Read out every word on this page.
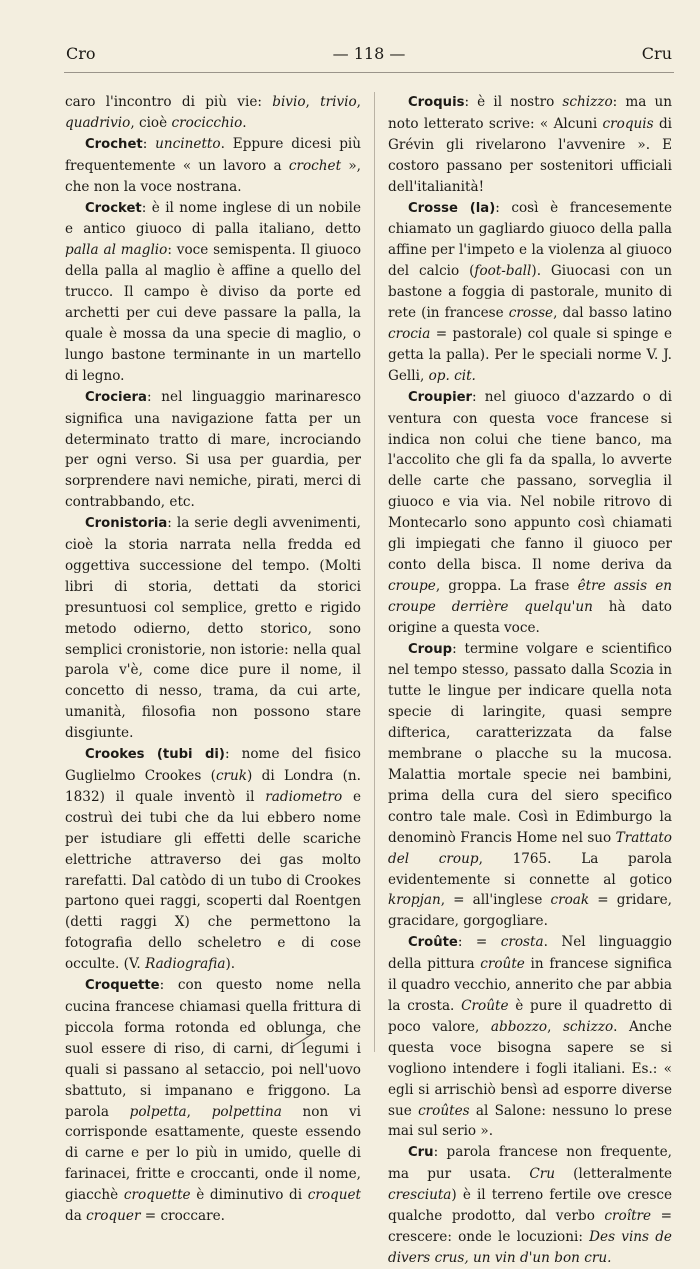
Cro	— 118 —	Cru

caro l'incontro di più vie: bivio, trivio, quadrivio, cioè crocicchio.

Crochet: uncinetto. Eppure dicesi più frequentemente « un lavoro a crochet », che non la voce nostrana.

Crocket: è il nome inglese di un nobile e antico giuoco di palla italiano, detto palla al maglio: voce semispenta. Il giuoco della palla al maglio è affine a quello del trucco. Il campo è diviso da porte ed archetti per cui deve passare la palla, la quale è mossa da una specie di maglio, o lungo bastone terminante in un martello di legno.

Crociera: nel linguaggio marinaresco significa una navigazione fatta per un determinato tratto di mare, incrociando per ogni verso. Si usa per guardia, per sorprendere navi nemiche, pirati, merci di contrabbando, etc.

Cronistoria: la serie degli avvenimenti, cioè la storia narrata nella fredda ed oggettiva successione del tempo. (Molti libri di storia, dettati da storici presuntuosi col semplice, gretto e rigido metodo odierno, detto storico, sono semplici cronistorie, non istorie: nella qual parola v'è, come dice pure il nome, il concetto di nesso, trama, da cui arte, umanità, filosofia non possono stare disgiunte.

Crookes (tubi di): nome del fisico Guglielmo Crookes (cruk) di Londra (n. 1832) il quale inventò il radiometro e costruì dei tubi che da lui ebbero nome per istudiare gli effetti delle scariche elettriche attraverso dei gas molto rarefatti. Dal catòdo di un tubo di Crookes partono quei raggi, scoperti dal Roentgen (detti raggi X) che permettono la fotografia dello scheletro e di cose occulte. (V. Radiografia).

Croquette: con questo nome nella cucina francese chiamasi quella frittura di piccola forma rotonda ed oblunga, che suol essere di riso, di carni, di legumi i quali si passano al setaccio, poi nell'uovo sbattuto, si impanano e friggono. La parola polpetta, polpettina non vi corrisponde esattamente, queste essendo di carne e per lo più in umido, quelle di farinacei, fritte e croccanti, onde il nome, giacchè croquette è diminutivo di croquet da croquer = croccare.

Croquis: è il nostro schizzo: ma un noto letterato scrive: « Alcuni croquis di Grévin gli rivelarono l'avvenire ». E costoro passano per sostenitori ufficiali dell'italianità!

Crosse (la): così è francesemente chiamato un gagliardo giuoco della palla affine per l'impeto e la violenza al giuoco del calcio (foot-ball). Giuocasi con un bastone a foggia di pastorale, munito di rete (in francese crosse, dal basso latino crocia = pastorale) col quale si spinge e getta la palla). Per le speciali norme V. J. Gelli, op. cit.

Croupier: nel giuoco d'azzardo o di ventura con questa voce francese si indica non colui che tiene banco, ma l'accolito che gli fa da spalla, lo avverte delle carte che passano, sorveglia il giuoco e via via. Nel nobile ritrovo di Montecarlo sono appunto così chiamati gli impiegati che fanno il giuoco per conto della bisca. Il nome deriva da croupe, groppa. La frase être assis en croupe derrière quelqu'un hà dato origine a questa voce.

Croup: termine volgare e scientifico nel tempo stesso, passato dalla Scozia in tutte le lingue per indicare quella nota specie di laringite, quasi sempre difterica, caratterizzata da false membrane o placche su la mucosa. Malattia mortale specie nei bambini, prima della cura del siero specifico contro tale male. Così in Edimburgo la denominò Francis Home nel suo Trattato del croup, 1765. La parola evidentemente si connette al gotico kropjan, = all'inglese croak = gridare, gracidare, gorgogliare.

Croûte: = crosta. Nel linguaggio della pittura croûte in francese significa il quadro vecchio, annerito che par abbia la crosta. Croûte è pure il quadretto di poco valore, abbozzo, schizzo. Anche questa voce bisogna sapere se si vogliono intendere i fogli italiani. Es.: « egli si arrischiò bensì ad esporre diverse sue croûtes al Salone: nessuno lo prese mai sul serio ».

Cru: parola francese non frequente, ma pur usata. Cru (letteralmente cresciuta) è il terreno fertile ove cresce qualche prodotto, dal verbo croître = crescere: onde le locuzioni: Des vins de divers crus, un vin d'un bon cru.
